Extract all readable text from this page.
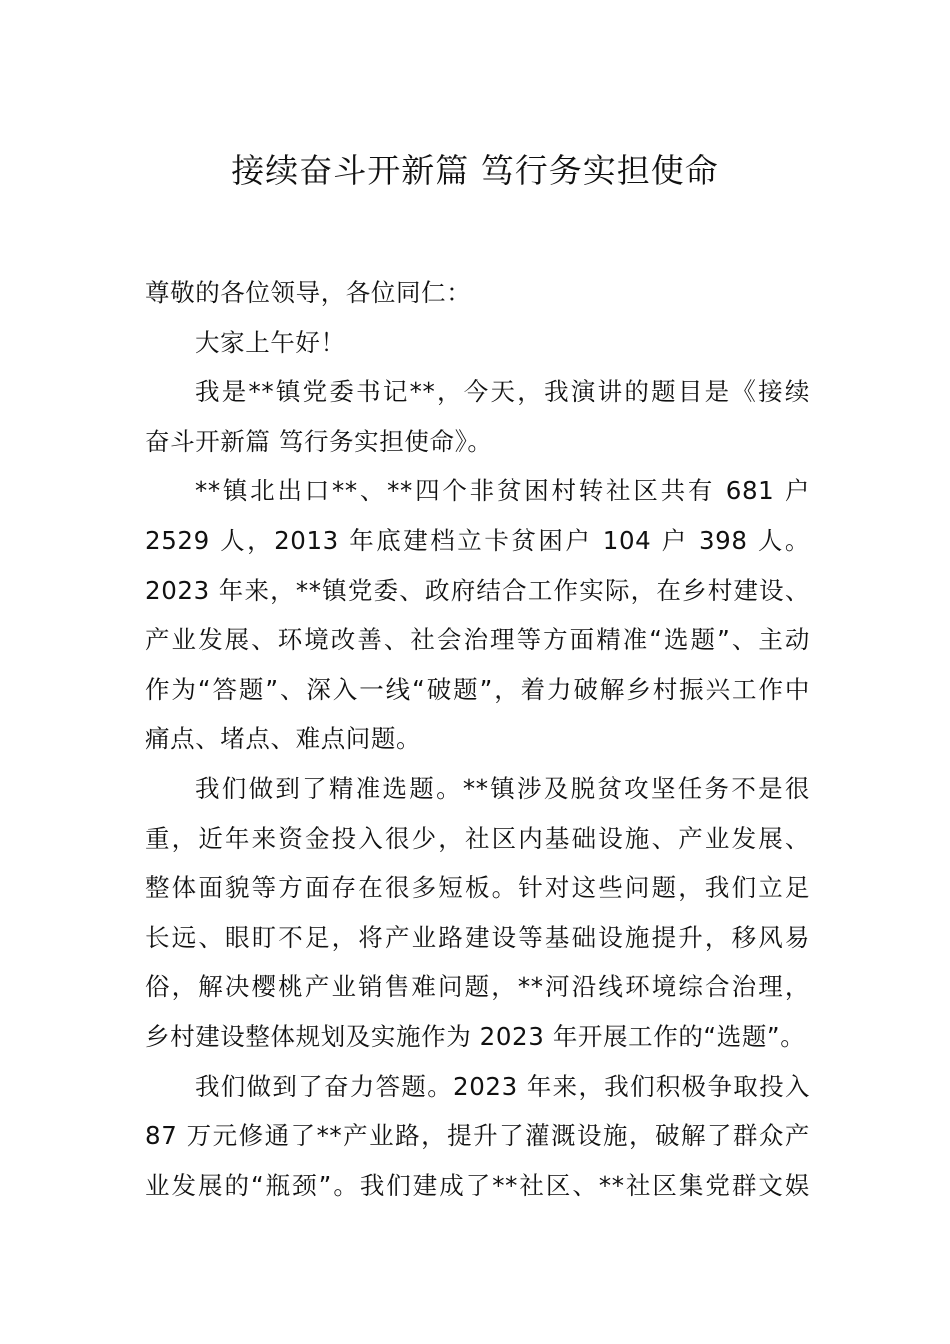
接续奋斗开新篇 笃行务实担使命
尊敬的各位领导，各位同仁：
大家上午好！
我是**镇党委书记**，今天，我演讲的题目是《接续
奋斗开新篇 笃行务实担使命》。
**镇北出口**、**四个非贫困村转社区共有 681 户
2529 人，2013 年底建档立卡贫困户 104 户 398 人。
2023 年来，**镇党委、政府结合工作实际，在乡村建设、
产业发展、环境改善、社会治理等方面精准“选题”、主动
作为“答题”、深入一线“破题”，着力破解乡村振兴工作中
痛点、堵点、难点问题。
我们做到了精准选题。**镇涉及脱贫攻坚任务不是很
重，近年来资金投入很少，社区内基础设施、产业发展、
整体面貌等方面存在很多短板。针对这些问题，我们立足
长远、眼盯不足，将产业路建设等基础设施提升，移风易
俗，解决樱桃产业销售难问题，**河沿线环境综合治理，
乡村建设整体规划及实施作为 2023 年开展工作的“选题”。
我们做到了奋力答题。2023 年来，我们积极争取投入
87 万元修通了**产业路，提升了灌溉设施，破解了群众产
业发展的“瓶颈”。我们建成了**社区、**社区集党群文娱
